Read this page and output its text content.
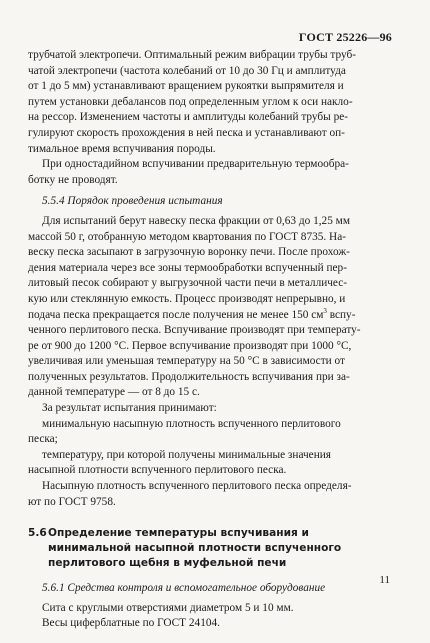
ГОСТ 25226—96

трубчатой электропечи. Оптимальный режим вибрации трубы труб-
чатой электропечи (частота колебаний от 10 до 30 Гц и амплитуда
от 1 до 5 мм) устанавливают вращением рукоятки выпрямителя и
путем установки дебалансов под определенным углом к оси накло-
на рессор. Изменением частоты и амплитуды колебаний трубы ре-
гулируют скорость прохождения в ней песка и устанавливают оп-
тимальное время вспучивания породы.

При одностадийном вспучивании предварительную термообра-
ботку не проводят.

5.5.4 Порядок проведения испытания

Для испытаний берут навеску песка фракции от 0,63 до 1,25 мм
массой 50 г, отобранную методом квартования по ГОСТ 8735. На-
веску песка засыпают в загрузочную воронку печи. После прохож-
дения материала через все зоны термообработки вспученный пер-
литовый песок собирают у выгрузочной части печи в металличес-
кую или стеклянную емкость. Процесс производят непрерывно, и
подача песка прекращается после получения не менее 150 $см^3$ вспу-
ченного перлитового песка. Вспучивание производят при температу-
ре от 900 до 1200 °С. Первое вспучивание производят при 1000 °С,
увеличивая или уменьшая температуру на 50 °С в зависимости от
полученных результатов. Продолжительность вспучивания при за-
данной температуре — от 8 до 15 с.

За результат испытания принимают:

минимальную насыпную плотность вспученного перлитового
песка;

температуру, при которой получены минимальные значения
насыпной плотности вспученного перлитового песка.

Насыпную плотность вспученного перлитового песка определя-
ют по ГОСТ 9758.

5.6 Определение температуры вспучивания и
минимальной насыпной плотности вспученного
перлитового щебня в муфельной печи

5.6.1 Средства контроля и вспомогательное оборудование

Сита с круглыми отверстиями диаметром 5 и 10 мм.

Весы циферблатные по ГОСТ 24104.

11
